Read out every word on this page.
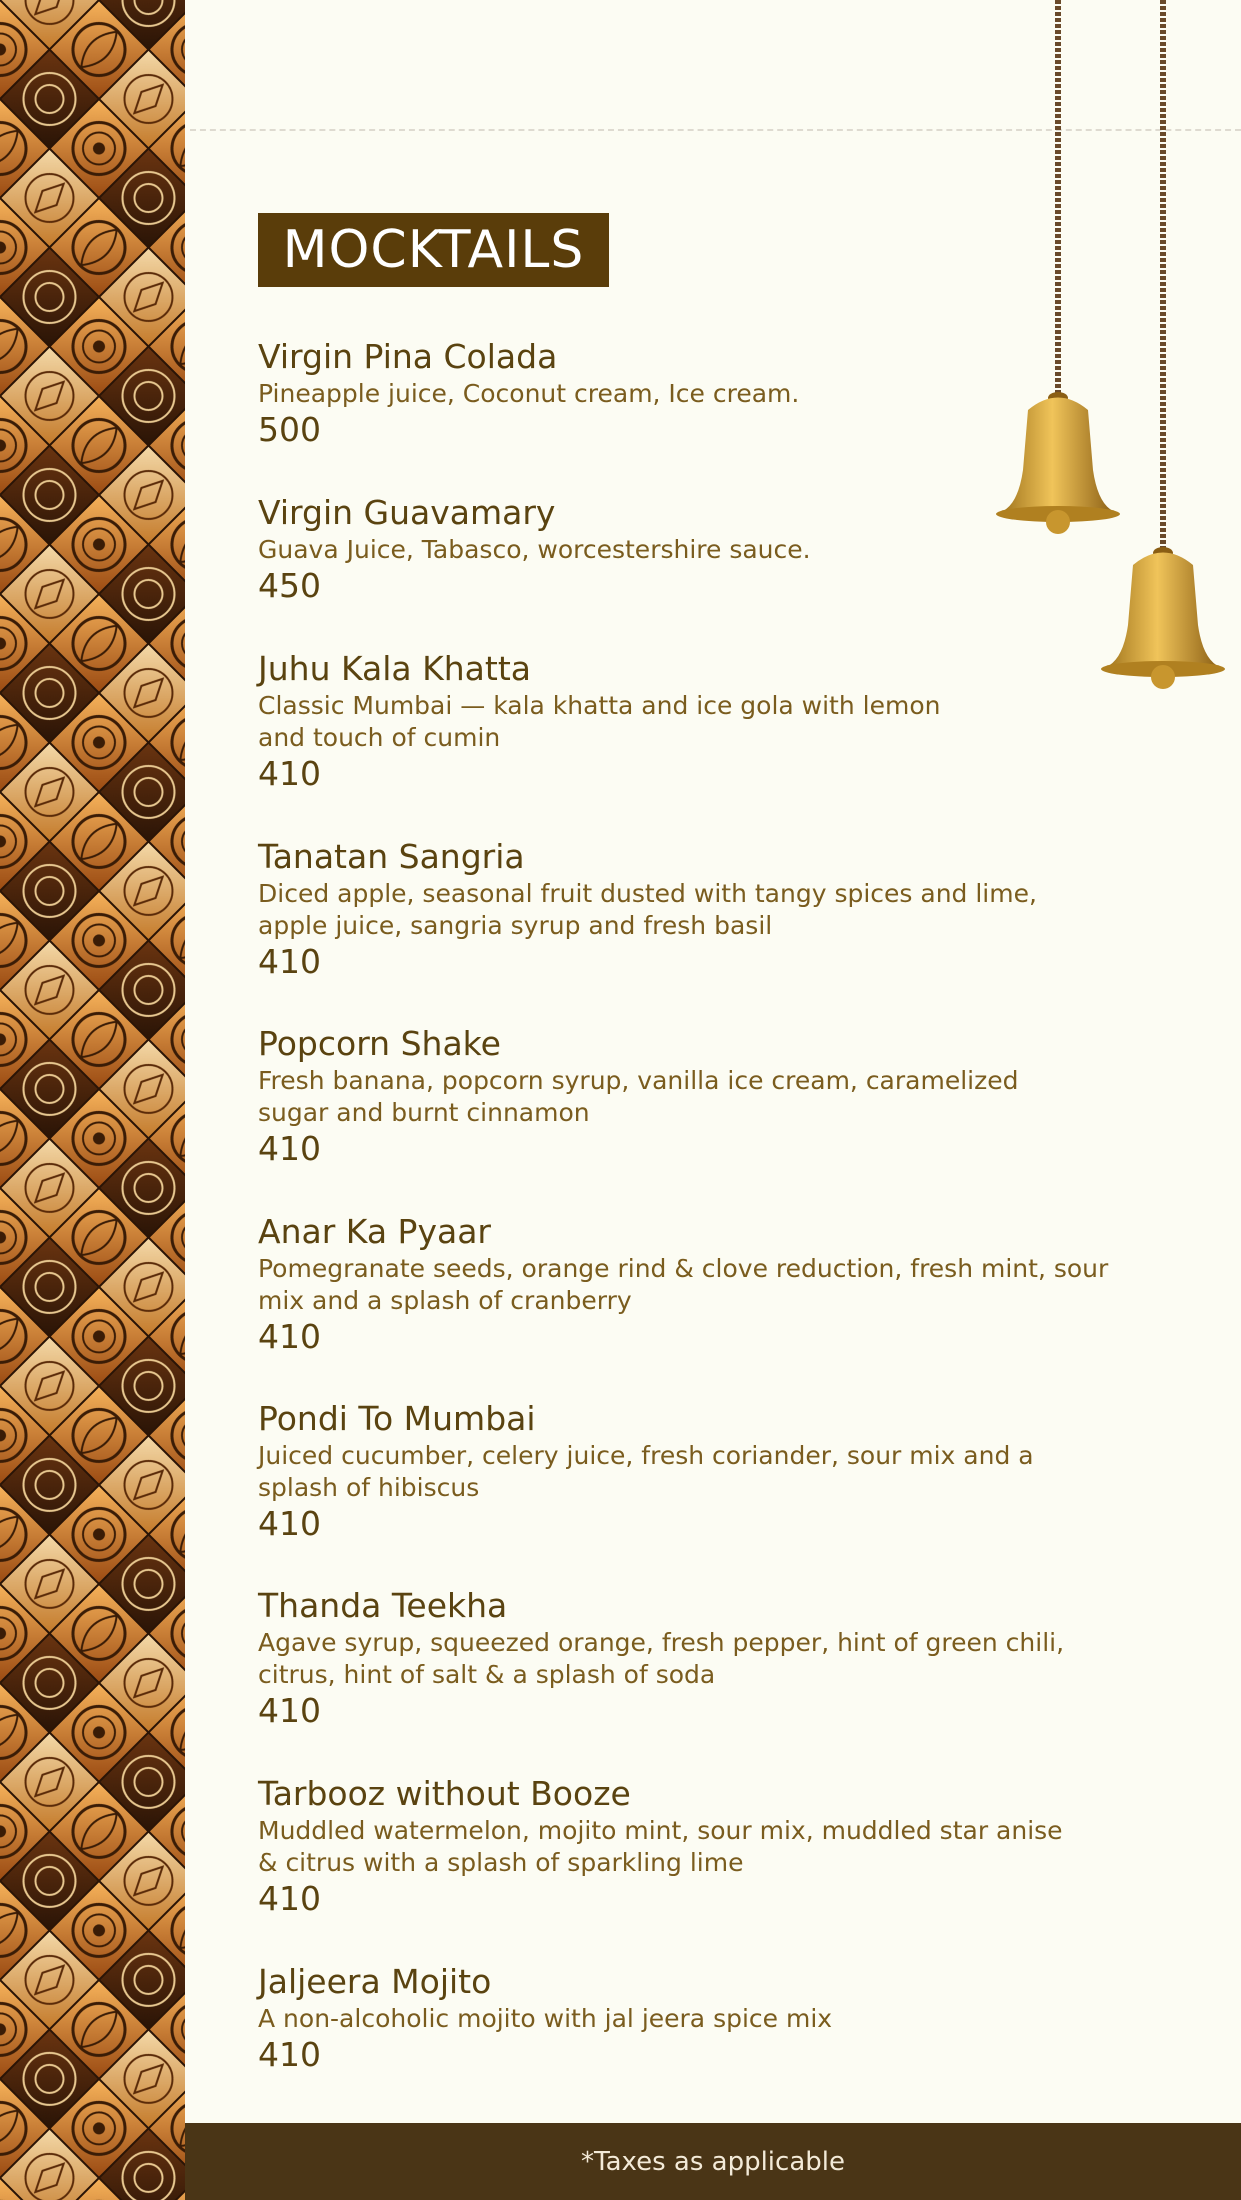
MOCKTAILS
Virgin Pina Colada
Pineapple juice, Coconut cream, Ice cream.
500
Virgin Guavamary
Guava Juice, Tabasco, worcestershire sauce.
450
Juhu Kala Khatta
Classic Mumbai — kala khatta and ice gola with lemon and touch of cumin
410
Tanatan Sangria
Diced apple, seasonal fruit dusted with tangy spices and lime, apple juice, sangria syrup and fresh basil
410
Popcorn Shake
Fresh banana, popcorn syrup, vanilla ice cream, caramelized sugar and burnt cinnamon
410
Anar Ka Pyaar
Pomegranate seeds, orange rind & clove reduction, fresh mint, sour mix and a splash of cranberry
410
Pondi To Mumbai
Juiced cucumber, celery juice, fresh coriander, sour mix and a splash of hibiscus
410
Thanda Teekha
Agave syrup, squeezed orange, fresh pepper, hint of green chili, citrus, hint of salt & a splash of soda
410
Tarbooz without Booze
Muddled watermelon, mojito mint, sour mix, muddled star anise & citrus with a splash of sparkling lime
410
Jaljeera Mojito
A non-alcoholic mojito with jal jeera spice mix
410
*Taxes as applicable
